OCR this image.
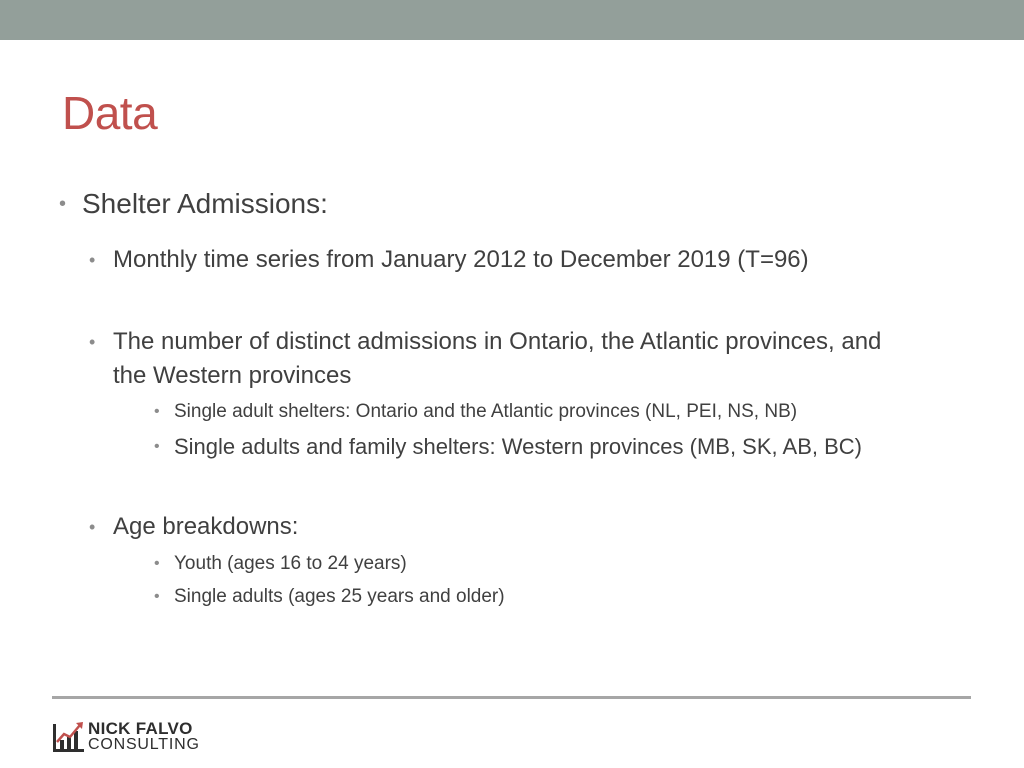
Data
• Shelter Admissions:
• Monthly time series from January 2012 to December 2019 (T=96)
• The number of distinct admissions in Ontario, the Atlantic provinces, and
the Western provinces
• Single adult shelters: Ontario and the Atlantic provinces (NL, PEI, NS, NB)
• Single adults and family shelters: Western provinces (MB, SK, AB, BC)
• Age breakdowns:
• Youth (ages 16 to 24 years)
• Single adults (ages 25 years and older)
NICK FALVO
CONSULTING
